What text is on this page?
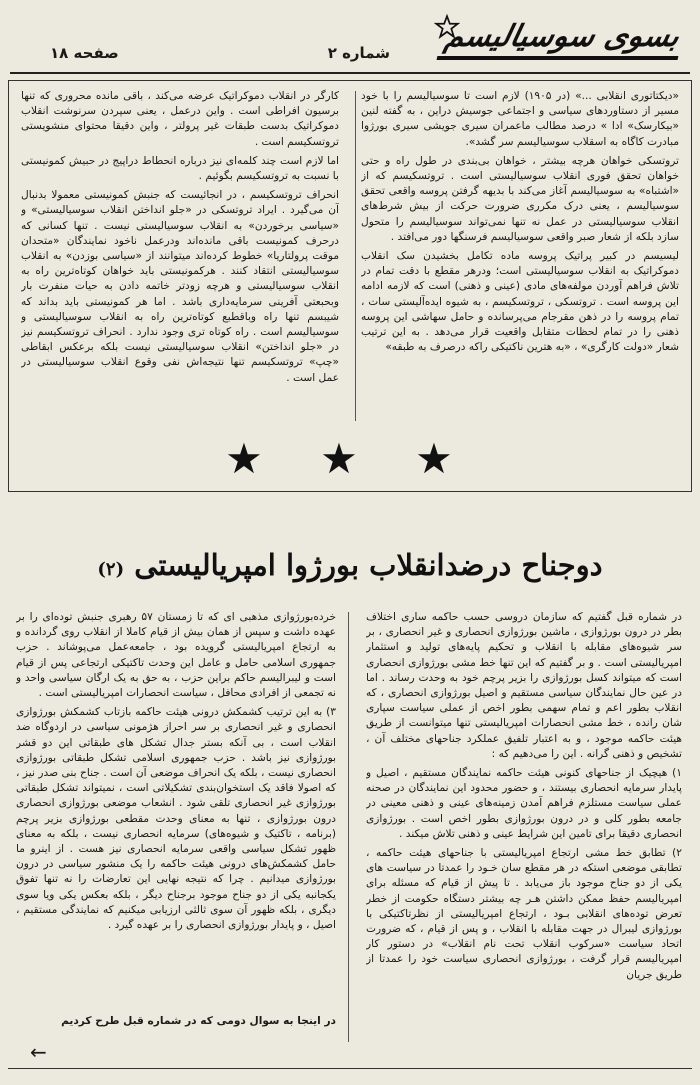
بسوی سوسیالیسم
شماره ۲
صفحه ۱۸

«دیکتاتوری انقلابی ...» (در ۱۹۰۵) لازم است تا سوسیالیسم را با خود مسیر از دستاوردهای سیاسی و اجتماعی جوسیش دراین ، به گفته لنین «بیکارسک» ادا » درصد مطالب ماعمران سیری جویشی سیری بورژوا مبادرت کاگاه به اسقلاب سوسیالیسم سر گشد».

تروتسکی خواهان هرچه بیشتر ، خواهان بی‌بندی در طول راه و حتی خواهان تحقق فوری انقلاب سوسیالیستی است . تروتسکیسم که از «اشتباه» به سوسیالیسم آغاز می‌کند با بدیهه گرفتن پروسه واقعی تحقق سوسیالیسم ، یعنی درک مکرری ضرورت حرکت از بیش شرط‌های انقلاب سوسیالیستی در عمل نه تنها نمی‌تواند سوسیالیسم را متحول سازد بلکه از شعار صبر واقعی سوسیالیسم فرسنگها دور می‌افتد .

لیسیسم در کبیر پراتیک پروسه ماده تکامل بخشیدن سک انقلاب دموکراتیک به انقلاب سوسیالیستی است؛ ودرهر مقطع با دقت تمام در تلاش فراهم آوردن مولفه‌های مادی (عینی و ذهنی) است که لازمه ادامه این پروسه است . تروتسکی ، تروتسکیسم ، به شیوه ایده‌آلیستی سات ، تمام پروسه را در ذهن مقرجام می‌پرسانده و حامل سهاشی این پروسه ذهنی را در تمام لحظات متقابل واقعیت قرار می‌دهد . به این ترتیب شعار «دولت کارگری» ، «به هترین ناکتیکی راکه درصرف به طبقه»

کارگر در انقلاب دموکراتیک عرضه می‌کند ، باقی مانده محروری که تنها برسیون افراطی است . واین درعمل ، یعنی سپردن سرنوشت انقلاب دموکراتیک بدست طبقات غیر پرولتر ، واین دقیقا محتوای منشویستی تروتسکیسم است .

اما لازم است چند کلمه‌ای نیز درباره انحطاط دراپیج در حبیش کمونیستی با نسبت به تروتسکیسم بگوئیم .

انحراف تروتسکیسم ، در انجائیست که جنبش کمونیستی معمولا بدنبال آن می‌گیرد . ایراد تروتسکی در «جلو انداختن انقلاب سوسیالیستی» و «سیاسی برخوردن» به انقلاب سوسیالیستی نیست . تنها کسانی که درحرف کمونیست باقی مانده‌اند ودرعمل ناخود نمایندگان «متحدان موقت پرولتاریا» خطوط کرده‌اند میتوانند از «سیاسی بوزدن» به انقلاب سوسیالیستی انتقاد کنند . هرکمونیستی باید خواهان کوتاه‌ترین راه به انقلاب سوسیالیستی و هرچه زودتر خاتمه دادن به حیات منفرت بار وبحبعتی آفرینی سرمایه‌داری باشد . اما هر کمونیستی باید بداند که شیبسم تنها راه وباقطبع کوتاه‌ترین راه به انقلاب سوسیالیستی و سوسیالیسم است . راه کوتاه تری وجود ندارد . انحراف تروتسکیسم نیز در «جلو انداختن» انقلاب سوسیالیستی نیست بلکه برعکس ابقاطی «چپ» تروتسکیسم تنها نتیجه‌اش نفی وقوع انقلاب سوسیالیستی در عمل است .

★ ★ ★
دوجناح درضدانقلاب بورژوا امپریالیستی (۲)

در شماره قبل گفتیم که سازمان دروسی حسب حاکمه ساری اختلاف بطر در درون بورژوازی ، ماشین بورژوازی انحصاری و غیر انحصاری ، بر سر شیوه‌های مقابله با انقلاب و تحکیم پایه‌های تولید و استثمار امپریالیستی است . و بر گفتیم که این تنها خط مشی بورژوازی انحصاری است که میتواند کسل بورژوازی را بزیر پرچم خود به وحدت رساند . اما در عین حال نمایندگان سیاسی مستقیم و اصیل بورژوازی انحصاری ، که انقلاب بطور اعم و تمام سهمی بطور اخص از عملی سیاست سپاری شان رانده ، خط مشی انحصارات امپریالیستی تنها میتوانست از طریق هیئت حاکمه موجود ، و به اعتبار تلفیق عملکرد جناحهای مختلف آن ، تشخیص و ذهنی گرانه . این را می‌دهیم که :

۱) هیچیک از جناحهای کنونی هیئت حاکمه نمایندگان مستقیم ، اصیل و پایدار سرمایه انحصاری بیستند ، و حضور محدود این نمایندگان در صحنه عملی سیاست مستلزم فراهم آمدن زمینه‌های عینی و ذهنی معینی در جامعه بطور کلی و در درون بورژوازی بطور اخص است . بورژوازی انحصاری دقیقا برای تامین این شرایط عینی و ذهنی تلاش میکند .

۲) تطابق خط مشی ارتجاع امپریالیستی با جناحهای هیئت حاکمه ، تطابقی موضعی استکه در هر مقطع سان خـود را عمدتا در سیاست های یکی از دو جناح موجود باز می‌یابد . تا پیش از قیام که مسئله برای امپریالیسم حفظ ممکن داشتن هـر چه بیشتر دستگاه حکومت از خطر تعرض توده‌های انقلابی بـود ، ارتجاع امپریالیستی از نظرتاکتیکی با بورژوازی لیبرال در جهت مقابله با انقلاب ، و پس از قیام ، که ضرورت اتحاد سیاست «سرکوب انقلاب تحت نام انقلاب» در دستور کار امپریالیسم قرار گرفت ، بورژوازی انحصاری سیاست خود را عمدتا از طریق جریان

خرده‌بورژوازی مذهبی ای که تا زمستان ۵۷ رهبری جنبش توده‌ای را بر عهده داشت و سپس از همان بیش از قیام کاملا از انقلاب روی گردانده و به ارتجاع امپریالیستی گرویده بود ، جامعه‌عمل می‌پوشاند . حزب جمهوری اسلامی حامل و عامل این وحدت تاکتیکی ارتجاعی پس از قیام است و لیبرالیسم حاکم براین حزب ، به حق به یک ارگان سیاسی واحد و نه تجمعی از افرادی محافل ، سیاست انحصارات امپریالیستی است .

۳) به این ترتیب کشمکش درونی هیئت حاکمه بازتاب کشمکش بورژوازی انحصاری و غیر انحصاری بر سر احراز هژمونی سیاسی در اردوگاه ضد انقلاب است ، بی آنکه بستر جدال تشکل های طبقاتی این دو قشر بورژوازی نیز باشد . حزب جمهوری اسلامی تشکل طبقاتی بورژوازی انحصاری نیست ، بلکه یک انحراف موضعی آن است . جناح بنی صدر نیز ، که اصولا فاقد یک استخوان‌بندی تشکیلاتی است ، نمیتواند تشکل طبقاتی بورژوازی غیر انحصاری تلقی شود . انشعاب موضعی بورژوازی انحصاری درون بورژوازی ، تنها به معنای وحدت مقطعی بورژوازی بزیر پرچم (برنامه ، تاکتیک و شیوه‌های) سرمایه انحصاری نیست ، بلکه به معنای ظهور تشکل سیاسی واقعی سرمایه انحصاری نیز هست . از اینرو ما حامل کشمکش‌های درونی هیئت حاکمه را یک منشور سیاسی در درون بورژوازی میدانیم . چرا که نتیجه نهایی این تعارضات را نه تنها تفوق یکجانبه یکی از دو جناح موجود برجناح دیگر ، بلکه بعکس یکی ویا سوی دیگری ، بلکه ظهور آن سوی ثالثی ارزیابی میکنیم که نمایندگی مستقیم ، اصیل ، و پایدار بورژوازی انحصاری را بر عهده گیرد .

در اینجا به سوال دومی که در شماره قبل طرح کردیم
←
